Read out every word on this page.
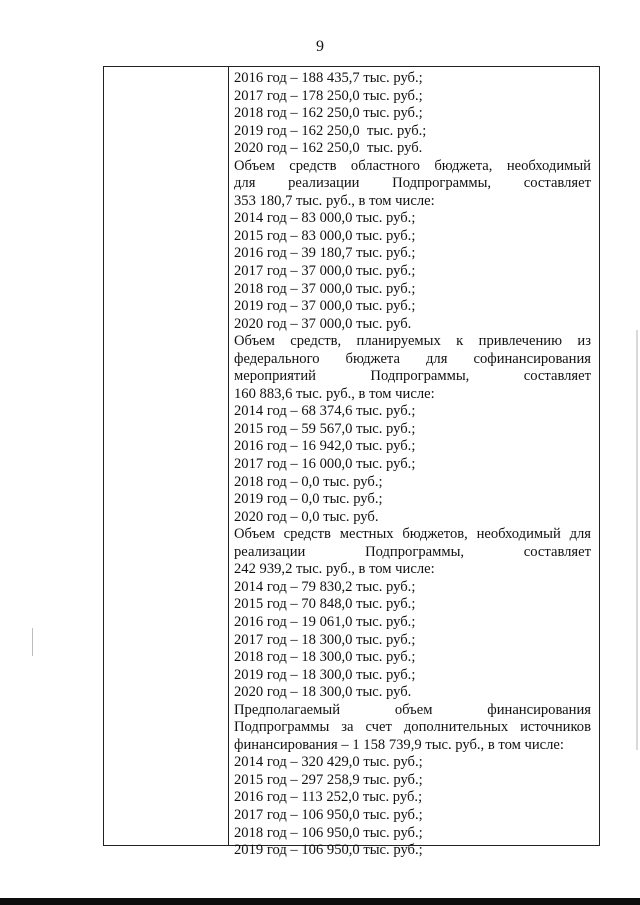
9
2016 год – 188 435,7 тыс. руб.;
2017 год – 178 250,0 тыс. руб.;
2018 год – 162 250,0 тыс. руб.;
2019 год – 162 250,0  тыс. руб.;
2020 год – 162 250,0  тыс. руб.
Объем средств областного бюджета, необходимый
для реализации Подпрограммы, составляет
353 180,7 тыс. руб., в том числе:
2014 год – 83 000,0 тыс. руб.;
2015 год – 83 000,0 тыс. руб.;
2016 год – 39 180,7 тыс. руб.;
2017 год – 37 000,0 тыс. руб.;
2018 год – 37 000,0 тыс. руб.;
2019 год – 37 000,0 тыс. руб.;
2020 год – 37 000,0 тыс. руб.
Объем средств, планируемых к привлечению из
федерального бюджета для софинансирования
мероприятий Подпрограммы, составляет
160 883,6 тыс. руб., в том числе:
2014 год – 68 374,6 тыс. руб.;
2015 год – 59 567,0 тыс. руб.;
2016 год – 16 942,0 тыс. руб.;
2017 год – 16 000,0 тыс. руб.;
2018 год – 0,0 тыс. руб.;
2019 год – 0,0 тыс. руб.;
2020 год – 0,0 тыс. руб.
Объем средств местных бюджетов, необходимый для
реализации Подпрограммы, составляет
242 939,2 тыс. руб., в том числе:
2014 год – 79 830,2 тыс. руб.;
2015 год – 70 848,0 тыс. руб.;
2016 год – 19 061,0 тыс. руб.;
2017 год – 18 300,0 тыс. руб.;
2018 год – 18 300,0 тыс. руб.;
2019 год – 18 300,0 тыс. руб.;
2020 год – 18 300,0 тыс. руб.
Предполагаемый объем финансирования
Подпрограммы за счет дополнительных источников
финансирования – 1 158 739,9 тыс. руб., в том числе:
2014 год – 320 429,0 тыс. руб.;
2015 год – 297 258,9 тыс. руб.;
2016 год – 113 252,0 тыс. руб.;
2017 год – 106 950,0 тыс. руб.;
2018 год – 106 950,0 тыс. руб.;
2019 год – 106 950,0 тыс. руб.;
